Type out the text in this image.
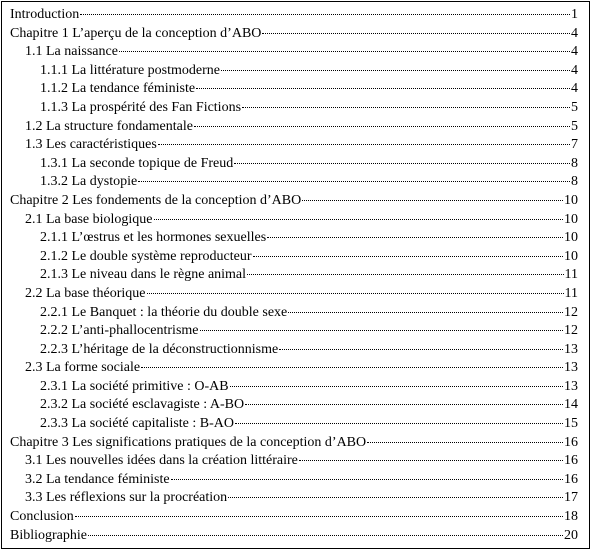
Introduction	1
Chapitre 1 L’aperçu de la conception d’ABO	4
1.1 La naissance	4
1.1.1 La littérature postmoderne	4
1.1.2 La tendance féministe	4
1.1.3 La prospérité des Fan Fictions	5
1.2 La structure fondamentale	5
1.3 Les caractéristiques	7
1.3.1 La seconde topique de Freud	8
1.3.2 La dystopie	8
Chapitre 2 Les fondements de la conception d’ABO	10
2.1 La base biologique	10
2.1.1 L’œstrus et les hormones sexuelles	10
2.1.2 Le double système reproducteur	10
2.1.3 Le niveau dans le règne animal	11
2.2 La base théorique	11
2.2.1 Le Banquet : la théorie du double sexe	12
2.2.2 L’anti-phallocentrisme	12
2.2.3 L’héritage de la déconstructionnisme	13
2.3 La forme sociale	13
2.3.1 La société primitive : O-AB	13
2.3.2 La société esclavagiste : A-BO	14
2.3.3 La société capitaliste : B-AO	15
Chapitre 3 Les significations pratiques de la conception d’ABO	16
3.1 Les nouvelles idées dans la création littéraire	16
3.2 La tendance féministe	16
3.3 Les réflexions sur la procréation	17
Conclusion	18
Bibliographie	20
